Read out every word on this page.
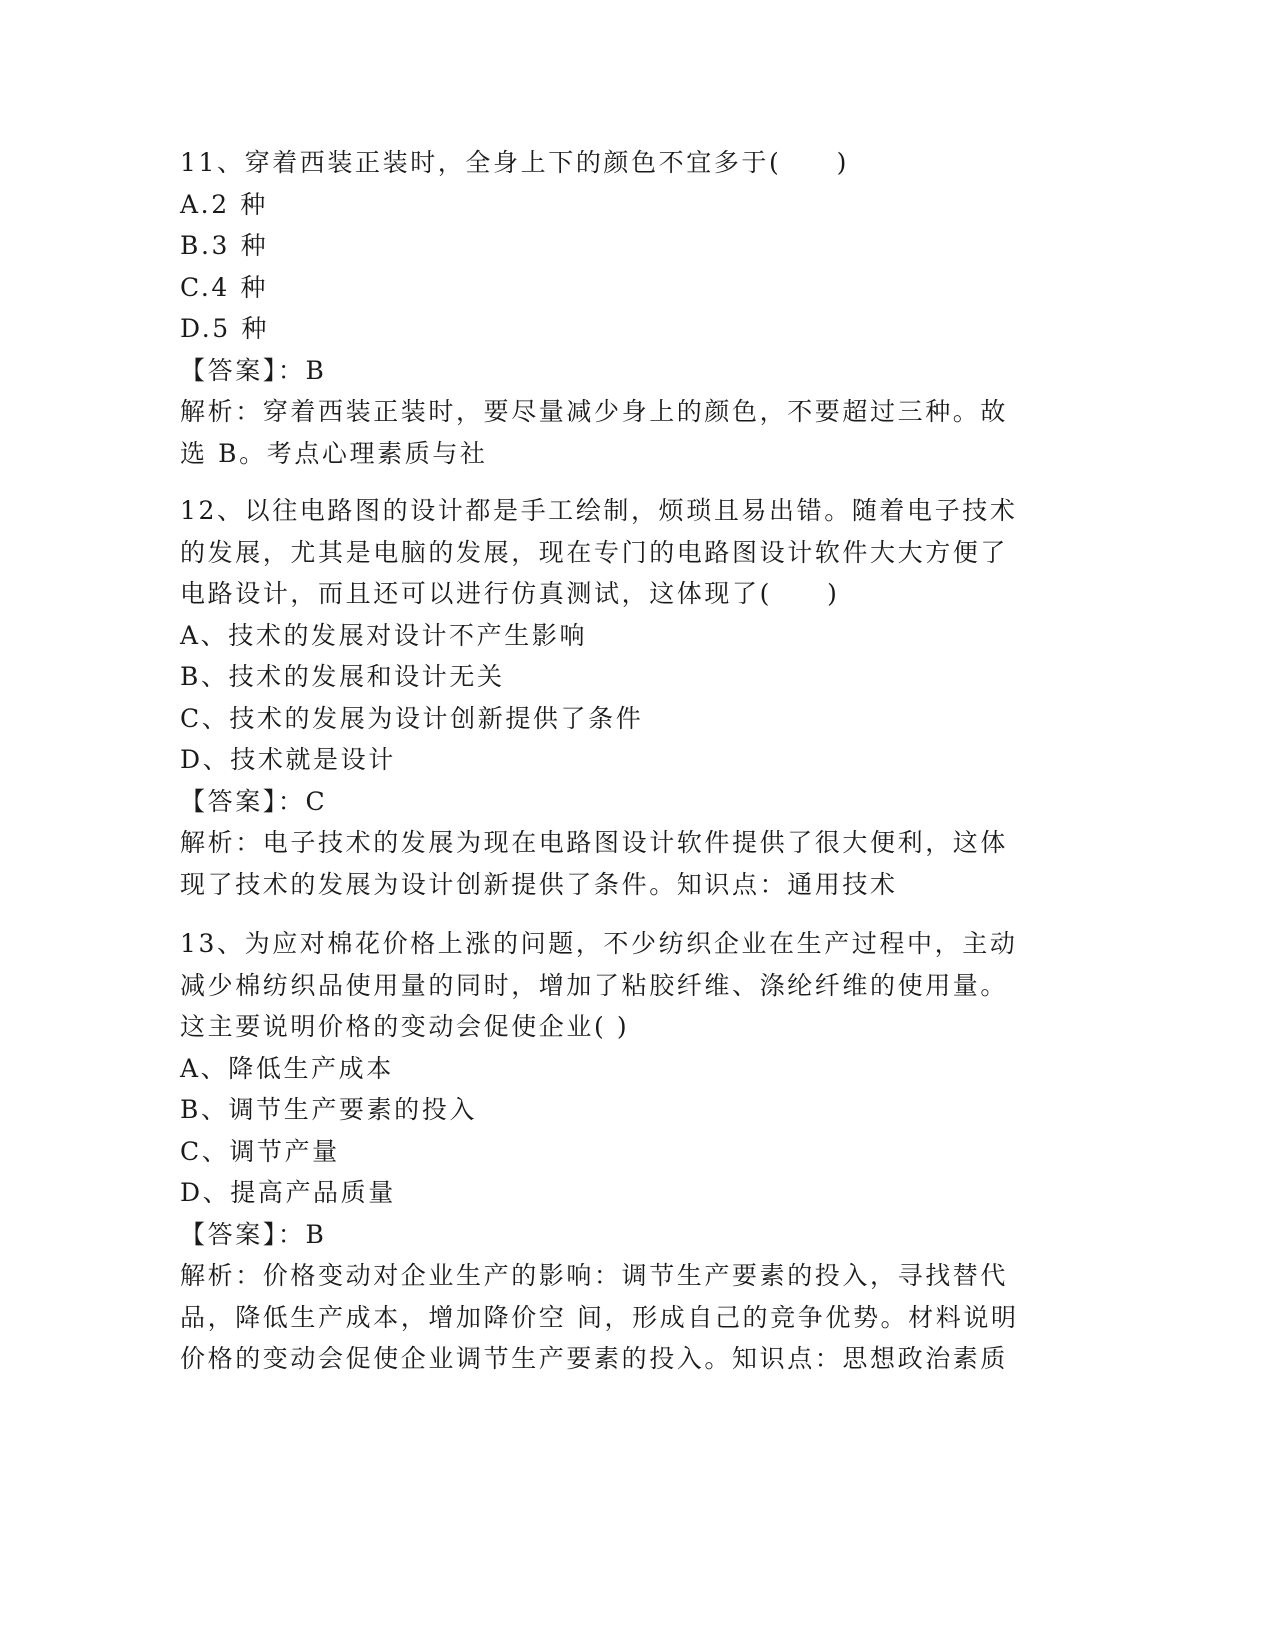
11、穿着西装正装时，全身上下的颜色不宜多于(　　)
A.2 种
B.3 种
C.4 种
D.5 种
【答案】：B
解析：穿着西装正装时，要尽量减少身上的颜色，不要超过三种。故
选 B。考点心理素质与社
12、以往电路图的设计都是手工绘制，烦琐且易出错。随着电子技术
的发展，尤其是电脑的发展，现在专门的电路图设计软件大大方便了
电路设计，而且还可以进行仿真测试，这体现了(　　)
A、技术的发展对设计不产生影响
B、技术的发展和设计无关
C、技术的发展为设计创新提供了条件
D、技术就是设计
【答案】：C
解析：电子技术的发展为现在电路图设计软件提供了很大便利，这体
现了技术的发展为设计创新提供了条件。知识点：通用技术
13、为应对棉花价格上涨的问题，不少纺织企业在生产过程中，主动
减少棉纺织品使用量的同时，增加了粘胶纤维、涤纶纤维的使用量。
这主要说明价格的变动会促使企业( )
A、降低生产成本
B、调节生产要素的投入
C、调节产量
D、提高产品质量
【答案】：B
解析：价格变动对企业生产的影响：调节生产要素的投入，寻找替代
品，降低生产成本，增加降价空 间，形成自己的竞争优势。材料说明
价格的变动会促使企业调节生产要素的投入。知识点：思想政治素质
